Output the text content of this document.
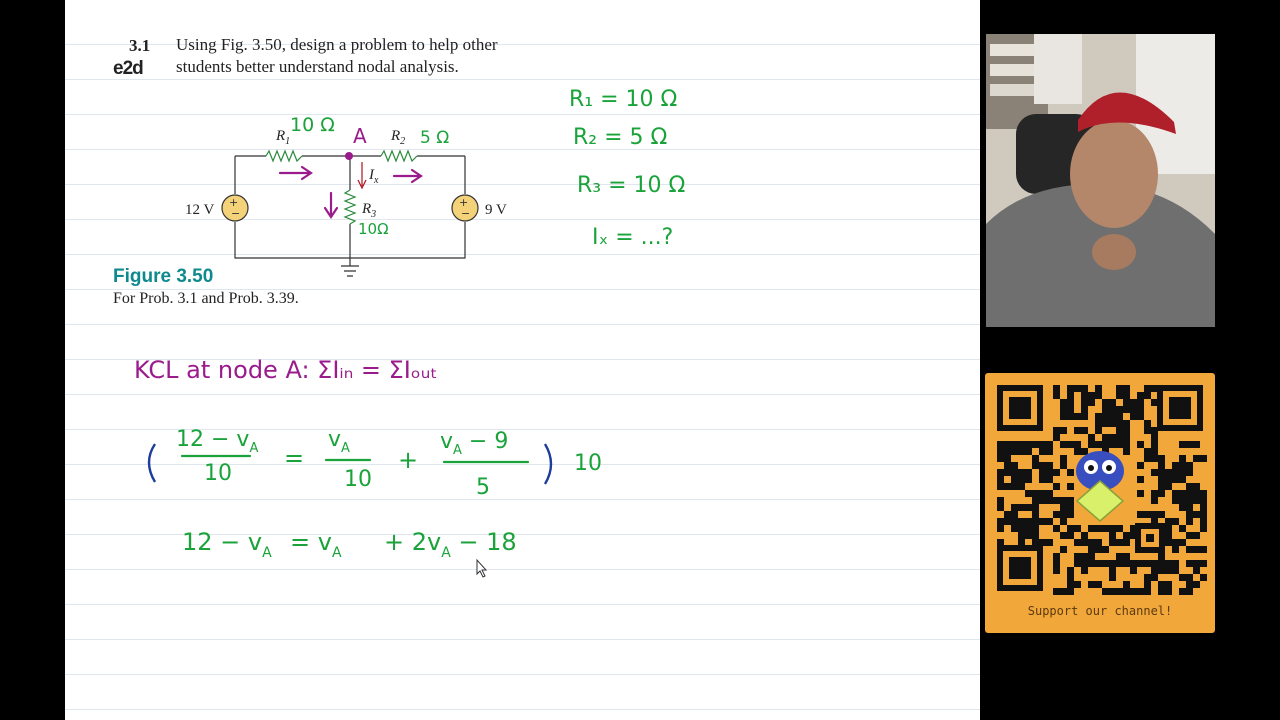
3.1 Using Fig. 3.50, design a problem to help other students better understand nodal analysis.
e2d
Figure 3.50
For Prob. 3.1 and Prob. 3.39.
+
−
+
−
12 V	9 V
$R_1$	$R_2$
$R_3$
$I_x$
10 Ω
5 Ω
10Ω
A
R₁ = 10 Ω
R₂ = 5 Ω
R₃ = 10 Ω
Iₓ = ...?
KCL at node A: ΣIᵢₙ = ΣIₒᵤₜ
$12 - v_A$
10
=
$v_A$
10
+
$v_A - 9$
5
10
$12 - v_A = v_A + 2v_A - 18$
Support our channel!
